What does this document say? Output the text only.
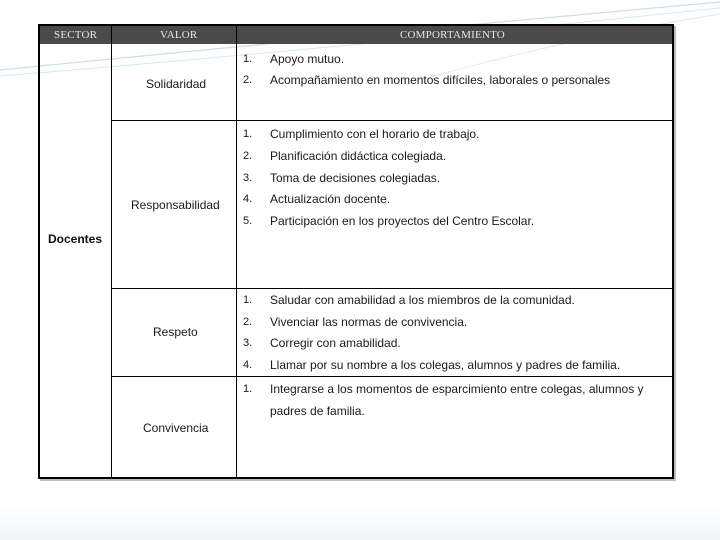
SECTOR	VALOR	COMPORTAMIENTO
Docentes
Solidaridad
1. Apoyo mutuo.
2. Acompañamiento en momentos difíciles, laborales o personales
Responsabilidad
1. Cumplimiento con el horario de trabajo.
2. Planificación didáctica colegiada.
3. Toma de decisiones colegiadas.
4. Actualización docente.
5. Participación en los proyectos del Centro Escolar.
Respeto
1. Saludar con amabilidad a los miembros de la comunidad.
2. Vivenciar las normas de convivencia.
3. Corregir con amabilidad.
4. Llamar por su nombre a los colegas, alumnos y padres de familia.
Convivencia
1. Integrarse a los momentos de esparcimiento entre colegas, alumnos y
padres de familia.
